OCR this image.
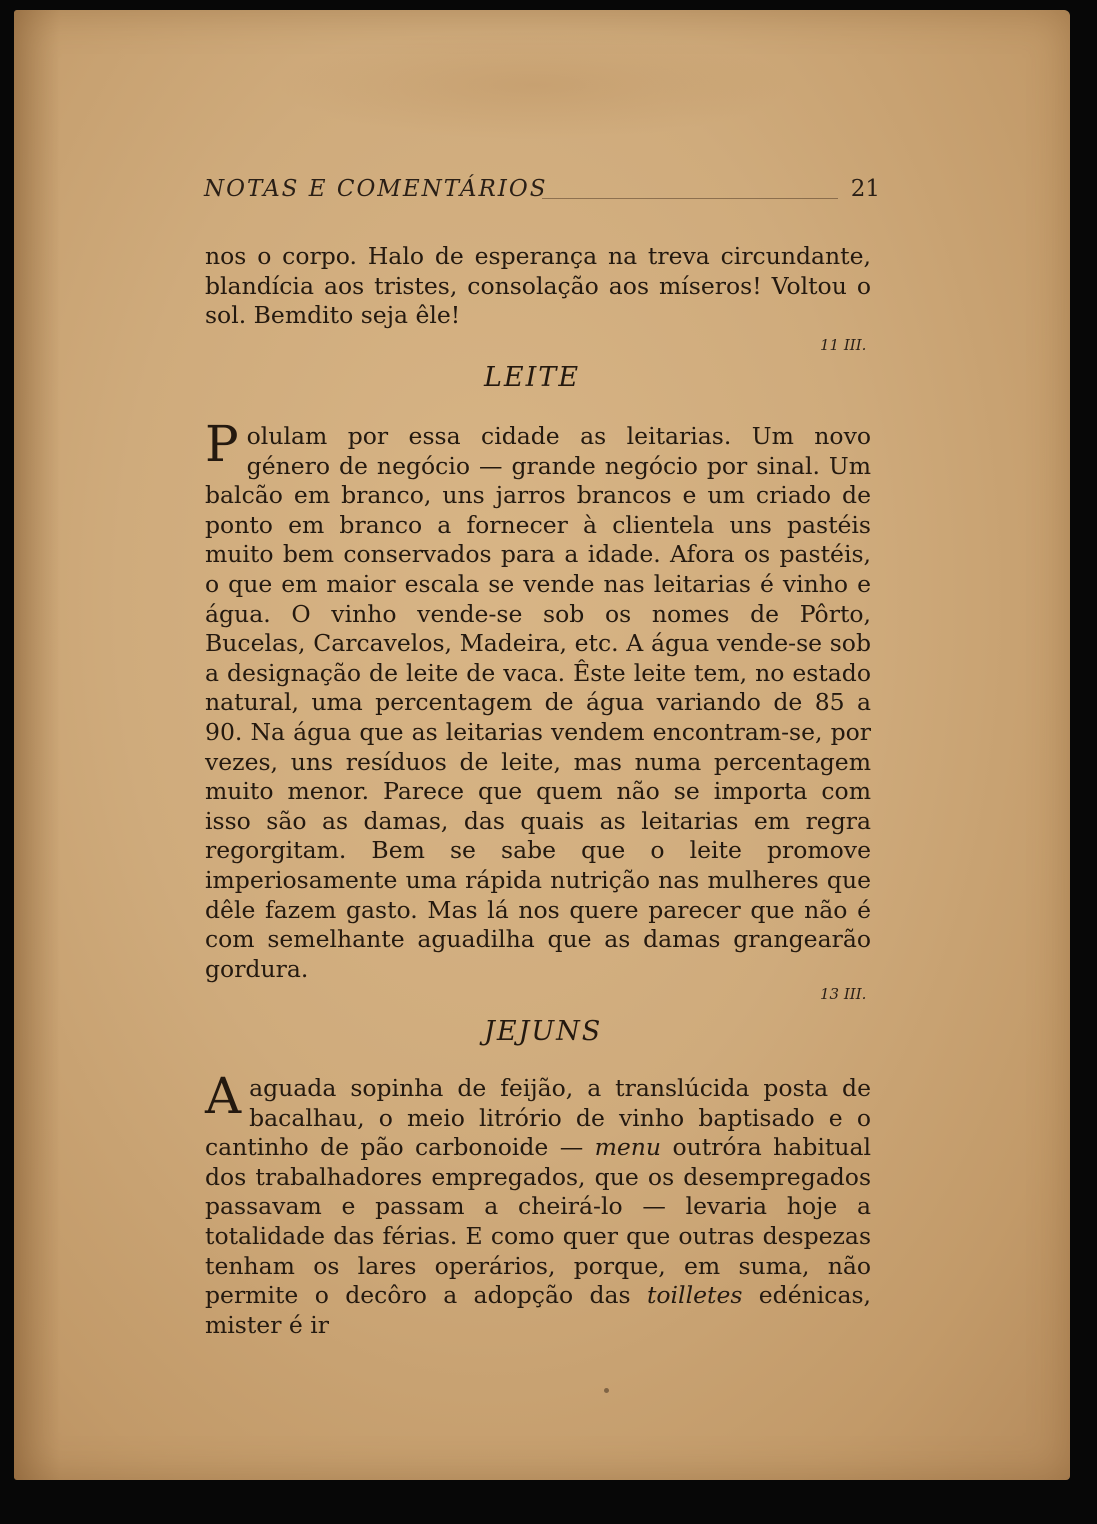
NOTAS E COMENTÁRIOS	21

nos o corpo. Halo de esperança na treva circundante, blandícia aos tristes, consolação aos míseros! Voltou o sol. Bemdito seja êle!

11 III.
LEITE

Polulam por essa cidade as leitarias. Um novo género de negócio — grande negócio por sinal. Um balcão em branco, uns jarros brancos e um criado de ponto em branco a fornecer à clientela uns pastéis muito bem conservados para a idade. Afora os pastéis, o que em maior escala se vende nas leitarias é vinho e água. O vinho vende-se sob os nomes de Pôrto, Bucelas, Carcavelos, Madeira, etc. A água vende-se sob a designação de leite de vaca. Êste leite tem, no estado natural, uma percentagem de água variando de 85 a 90. Na água que as leitarias vendem encontram-se, por vezes, uns resíduos de leite, mas numa percentagem muito menor. Parece que quem não se importa com isso são as damas, das quais as leitarias em regra regorgitam. Bem se sabe que o leite promove imperiosamente uma rápida nutrição nas mulheres que dêle fazem gasto. Mas lá nos quere parecer que não é com semelhante aguadilha que as damas grangearão gordura.

13 III.
JEJUNS

Aaguada sopinha de feijão, a translúcida posta de bacalhau, o meio litrório de vinho baptisado e o cantinho de pão carbonoide — menu outróra habitual dos trabalhadores empregados, que os desempregados passavam e passam a cheirá-lo — levaria hoje a totalidade das férias. E como quer que outras despezas tenham os lares operários, porque, em suma, não permite o decôro a adopção das toilletes edénicas, mister é ir
